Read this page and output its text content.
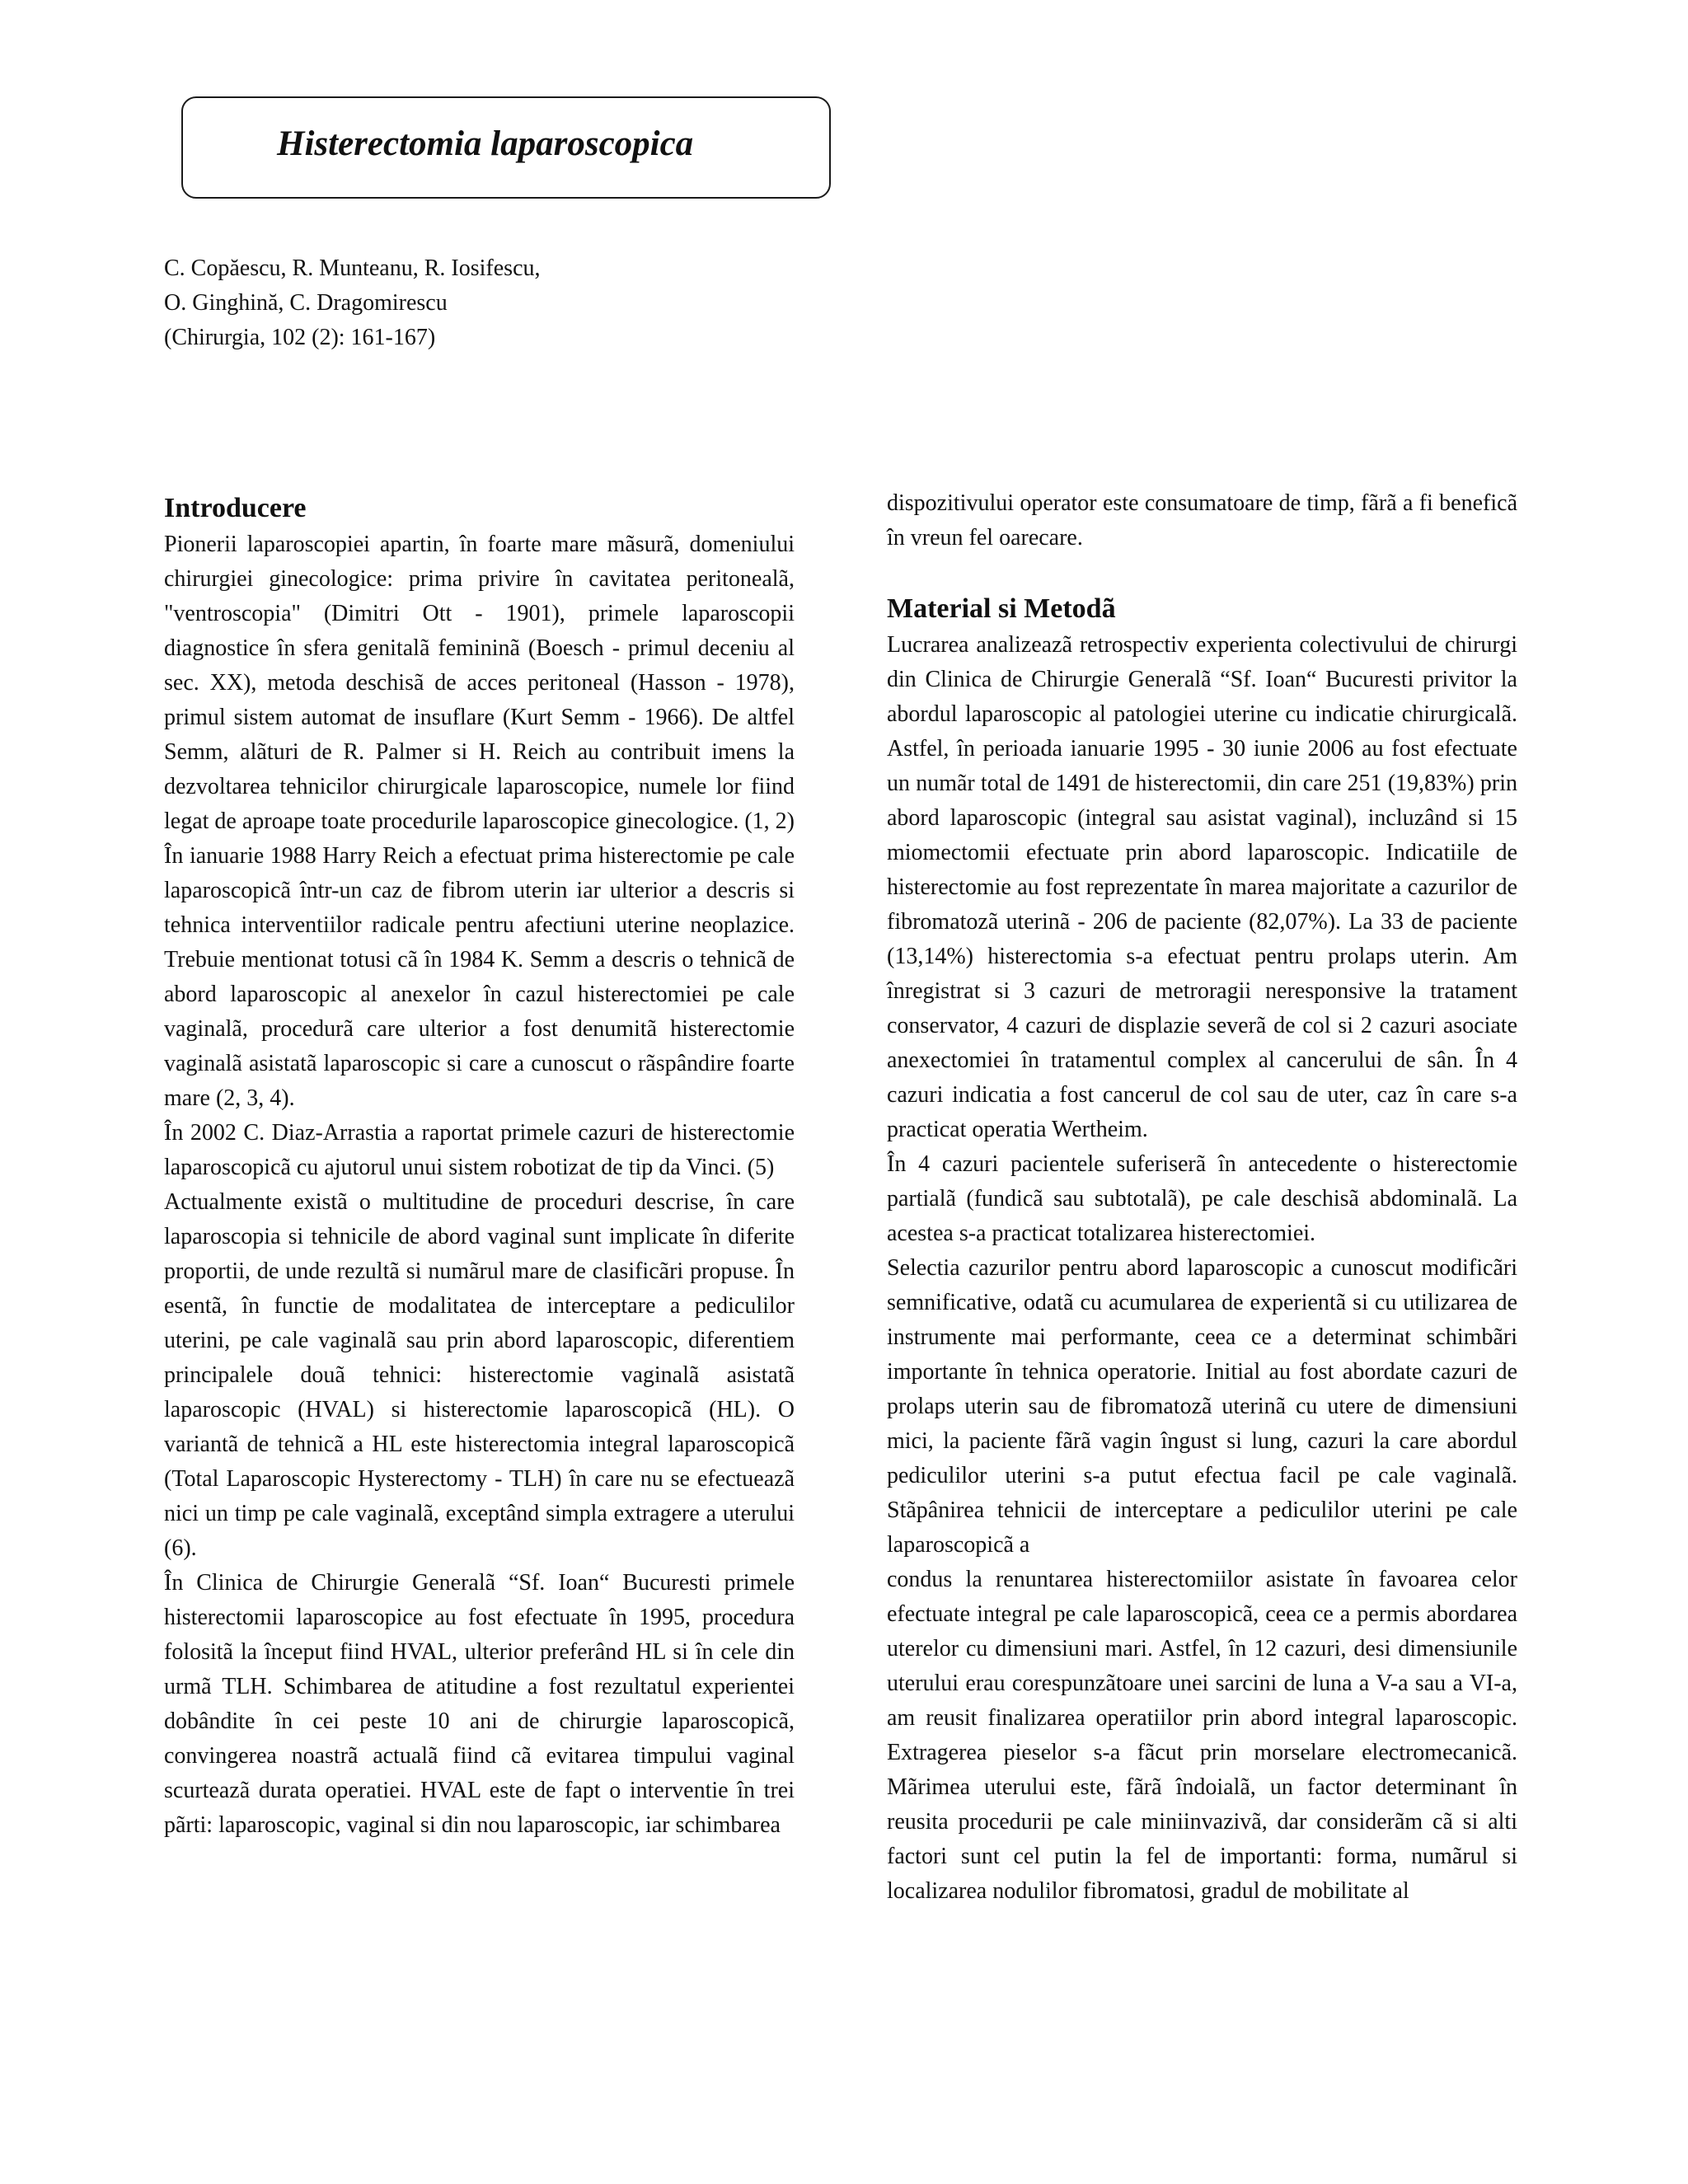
Histerectomia laparoscopica
C. Copăescu, R. Munteanu, R. Iosifescu,
O. Ginghină, C. Dragomirescu
(Chirurgia, 102 (2): 161-167)
Introducere

Pionerii laparoscopiei apartin, în foarte mare mãsurã, domeniului chirurgiei ginecologice: prima privire în cavitatea peritonealã, "ventroscopia" (Dimitri Ott - 1901), primele laparoscopii diagnostice în sfera genitalã femininã (Boesch - primul deceniu al sec. XX), metoda deschisã de acces peritoneal (Hasson - 1978), primul sistem automat de insuflare (Kurt Semm - 1966). De altfel Semm, alãturi de R. Palmer si H. Reich au contribuit imens la dezvoltarea tehnicilor chirurgicale laparoscopice, numele lor fiind legat de aproape toate procedurile laparoscopice ginecologice. (1, 2)

În ianuarie 1988 Harry Reich a efectuat prima histerectomie pe cale laparoscopicã într-un caz de fibrom uterin iar ulterior a descris si tehnica interventiilor radicale pentru afectiuni uterine neoplazice. Trebuie mentionat totusi cã în 1984 K. Semm a descris o tehnicã de abord laparoscopic al anexelor în cazul histerectomiei pe cale vaginalã, procedurã care ulterior a fost denumitã histerectomie vaginalã asistatã laparoscopic si care a cunoscut o rãspândire foarte mare (2, 3, 4).

În 2002 C. Diaz-Arrastia a raportat primele cazuri de histerectomie laparoscopicã cu ajutorul unui sistem robotizat de tip da Vinci. (5)

Actualmente existã o multitudine de proceduri descrise, în care laparoscopia si tehnicile de abord vaginal sunt implicate în diferite proportii, de unde rezultã si numãrul mare de clasificãri propuse. În esentã, în functie de modalitatea de interceptare a pediculilor uterini, pe cale vaginalã sau prin abord laparoscopic, diferentiem principalele douã tehnici: histerectomie vaginalã asistatã laparoscopic (HVAL) si histerectomie laparoscopicã (HL). O variantã de tehnicã a HL este histerectomia integral laparoscopicã (Total Laparoscopic Hysterectomy - TLH) în care nu se efectueazã nici un timp pe cale vaginalã, exceptând simpla extragere a uterului (6).

În Clinica de Chirurgie Generalã “Sf. Ioan“ Bucuresti primele histerectomii laparoscopice au fost efectuate în 1995, procedura folositã la început fiind HVAL, ulterior preferând HL si în cele din urmã TLH. Schimbarea de atitudine a fost rezultatul experientei dobândite în cei peste 10 ani de chirurgie laparoscopicã, convingerea noastrã actualã fiind cã evitarea timpului vaginal scurteazã durata operatiei. HVAL este de fapt o interventie în trei pãrti: laparoscopic, vaginal si din nou laparoscopic, iar schimbarea

dispozitivului operator este consumatoare de timp, fãrã a fi beneficã în vreun fel oarecare.

Material si Metodã

Lucrarea analizeazã retrospectiv experienta colectivului de chirurgi din Clinica de Chirurgie Generalã “Sf. Ioan“ Bucuresti privitor la abordul laparoscopic al patologiei uterine cu indicatie chirurgicalã. Astfel, în perioada ianuarie 1995 - 30 iunie 2006 au fost efectuate un numãr total de 1491 de histerectomii, din care 251 (19,83%) prin abord laparoscopic (integral sau asistat vaginal), incluzând si 15 miomectomii efectuate prin abord laparoscopic. Indicatiile de histerectomie au fost reprezentate în marea majoritate a cazurilor de fibromatozã uterinã - 206 de paciente (82,07%). La 33 de paciente (13,14%) histerectomia s-a efectuat pentru prolaps uterin. Am înregistrat si 3 cazuri de metroragii neresponsive la tratament conservator, 4 cazuri de displazie severã de col si 2 cazuri asociate anexectomiei în tratamentul complex al cancerului de sân. În 4 cazuri indicatia a fost cancerul de col sau de uter, caz în care s-a practicat operatia Wertheim.

În 4 cazuri pacientele suferiserã în antecedente o histerectomie partialã (fundicã sau subtotalã), pe cale deschisã abdominalã. La acestea s-a practicat totalizarea histerectomiei.

Selectia cazurilor pentru abord laparoscopic a cunoscut modificãri semnificative, odatã cu acumularea de experientã si cu utilizarea de instrumente mai performante, ceea ce a determinat schimbãri importante în tehnica operatorie. Initial au fost abordate cazuri de prolaps uterin sau de fibromatozã uterinã cu utere de dimensiuni mici, la paciente fãrã vagin îngust si lung, cazuri la care abordul pediculilor uterini s-a putut efectua facil pe cale vaginalã. Stãpânirea tehnicii de interceptare a pediculilor uterini pe cale laparoscopicã a

condus la renuntarea histerectomiilor asistate în favoarea celor efectuate integral pe cale laparoscopicã, ceea ce a permis abordarea uterelor cu dimensiuni mari. Astfel, în 12 cazuri, desi dimensiunile uterului erau corespunzãtoare unei sarcini de luna a V-a sau a VI-a, am reusit finalizarea operatiilor prin abord integral laparoscopic. Extragerea pieselor s-a fãcut prin morselare electromecanicã. Mãrimea uterului este, fãrã îndoialã, un factor determinant în reusita procedurii pe cale miniinvazivã, dar considerãm cã si alti factori sunt cel putin la fel de importanti: forma, numãrul si localizarea nodulilor fibromatosi, gradul de mobilitate al
